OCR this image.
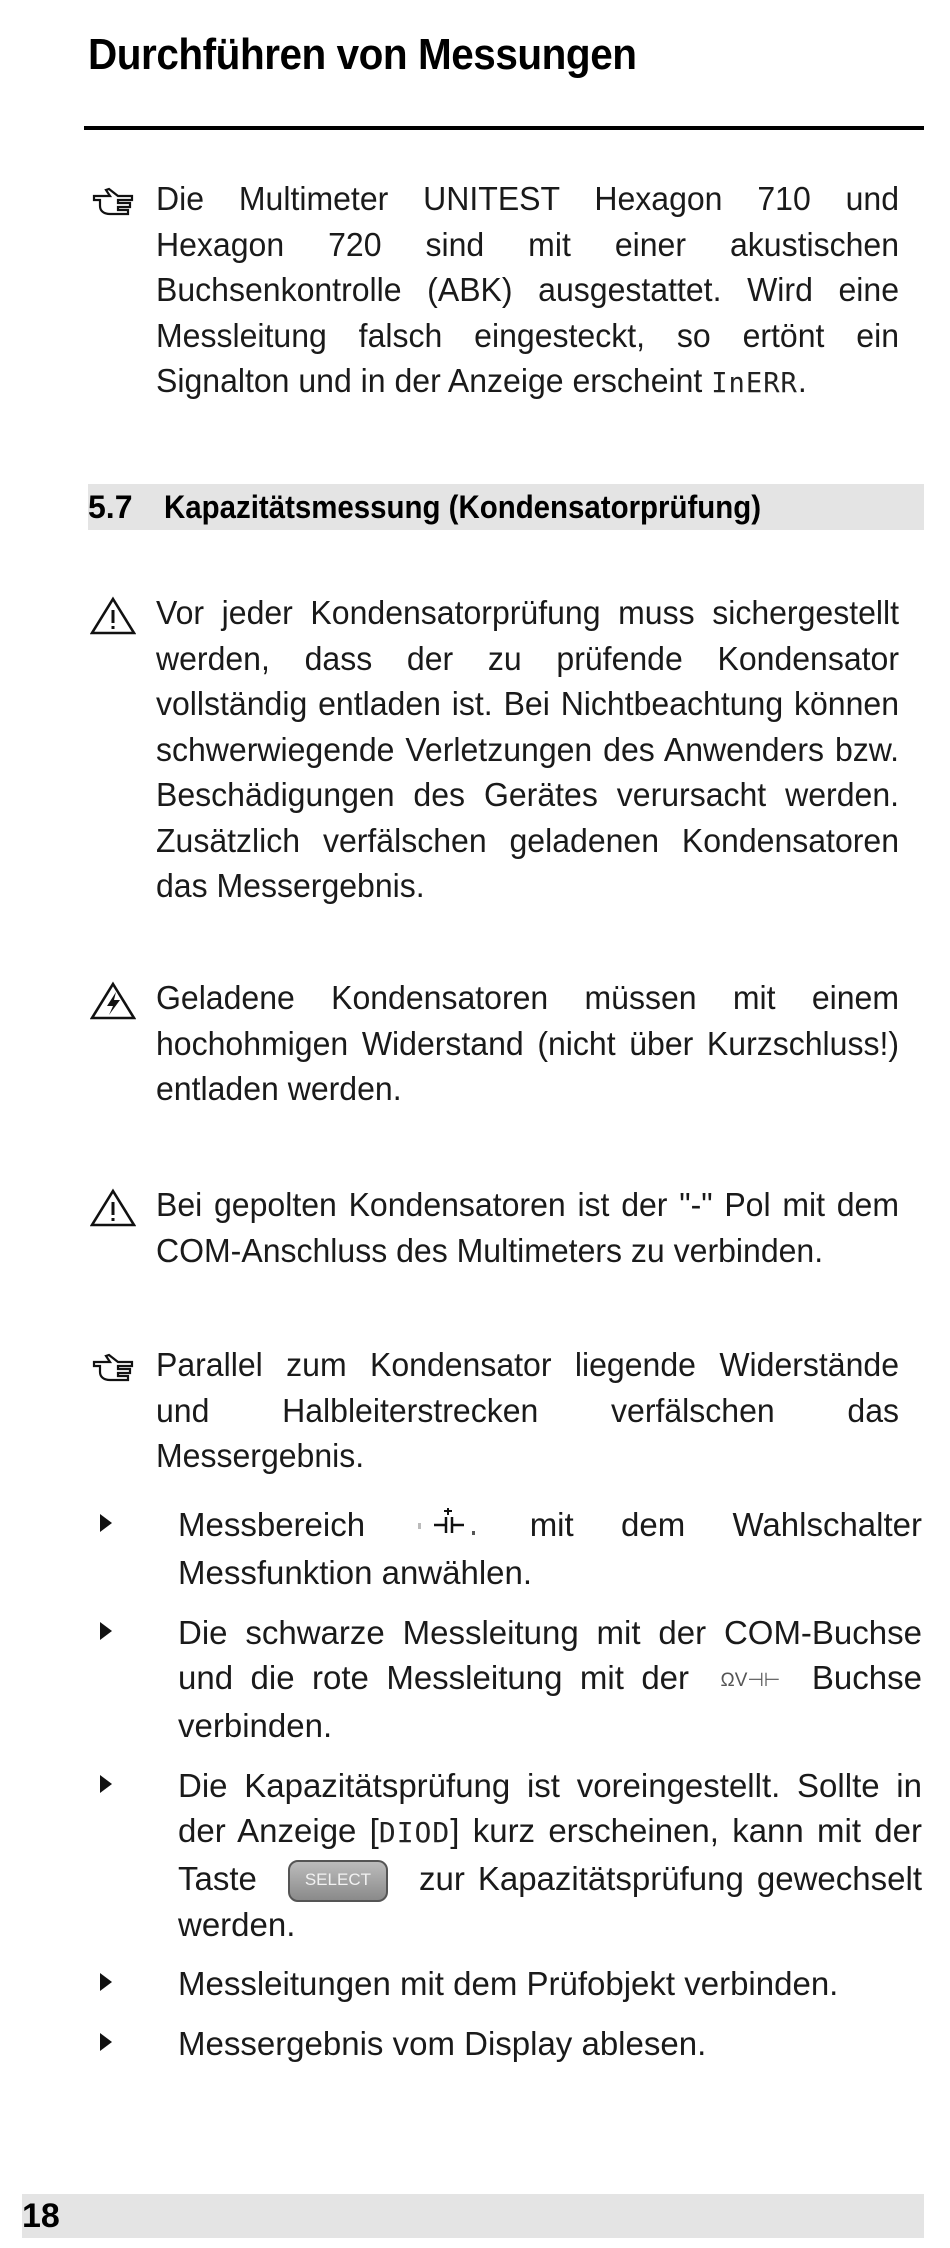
Durchführen von Messungen
Die Multimeter UNITEST Hexagon 710 und Hexagon 720 sind mit einer akustischen Buchsenkontrolle (ABK) ausgestattet. Wird eine Messleitung falsch eingesteckt, so ertönt ein Signalton und in der Anzeige erscheint InERR.
5.7 Kapazitätsmessung (Kondensatorprüfung)
Vor jeder Kondensatorprüfung muss sichergestellt werden, dass der zu prüfende Kondensator vollständig entladen ist. Bei Nichtbeachtung können schwerwiegende Verletzungen des Anwenders bzw. Beschädigungen des Gerätes verursacht werden. Zusätzlich verfälschen geladenen Kondensatoren das Messergebnis.
Geladene Kondensatoren müssen mit einem hochohmigen Widerstand (nicht über Kurzschluss!) entladen werden.
Bei gepolten Kondensatoren ist der "-" Pol mit dem COM-Anschluss des Multimeters zu verbinden.
Parallel zum Kondensator liegende Widerstände und Halbleiterstrecken verfälschen das Messergebnis.
Messbereich  mit dem Wahlschalter Messfunktion anwählen.
Die schwarze Messleitung mit der COM-Buchse und die rote Messleitung mit der ΩV⊣⊢ Buchse verbinden.
Die Kapazitätsprüfung ist voreingestellt. Sollte in der Anzeige [DIOD] kurz erscheinen, kann mit der Taste SELECT zur Kapazitätsprüfung gewechselt werden.
Messleitungen mit dem Prüfobjekt verbinden.
Messergebnis vom Display ablesen.
18
